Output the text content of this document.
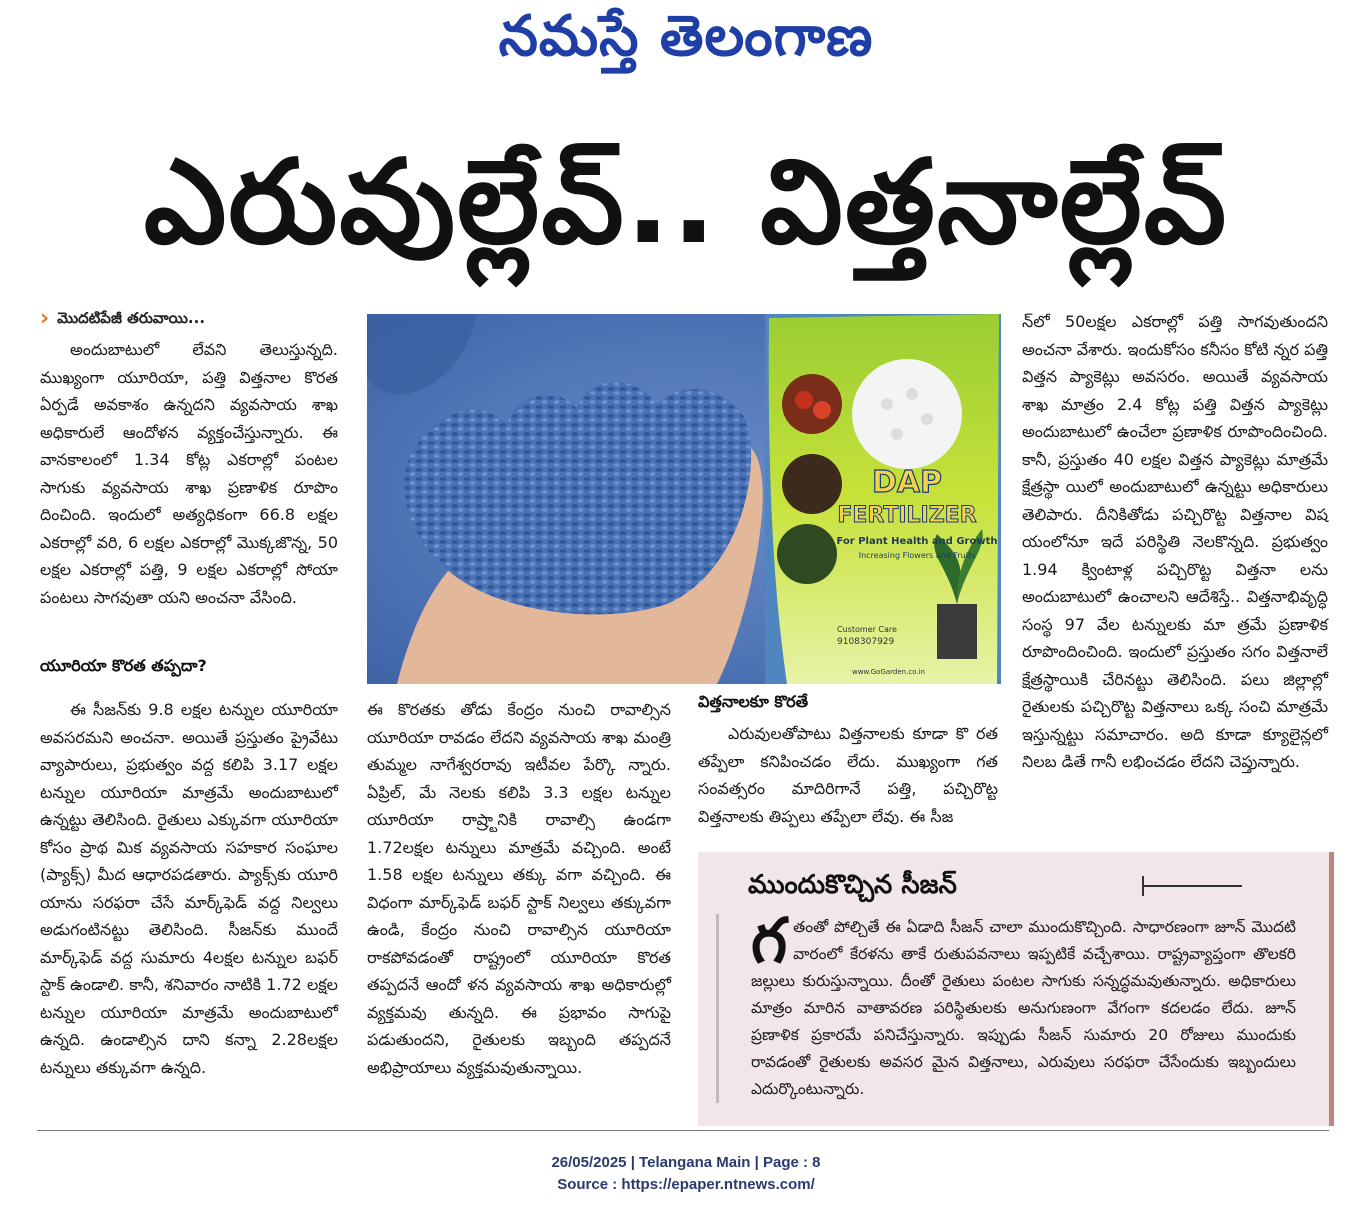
నమస్తే తెలంగాణ
ఎరువుల్లేవ్.. విత్తనాల్లేవ్
› మొదటిపేజీ తరువాయి...

అందుబాటులో లేవని తెలుస్తున్నది. ముఖ్యంగా యూరియా, పత్తి విత్తనాల కొరత ఏర్పడే అవకాశం ఉన్నదని వ్యవసాయ శాఖ అధికారులే ఆందోళన వ్యక్తంచేస్తున్నారు. ఈ వానకాలంలో 1.34 కోట్ల ఎకరాల్లో పంటల సాగుకు వ్యవసాయ శాఖ ప్రణాళిక రూపొం దించింది. ఇందులో అత్యధికంగా 66.8 లక్షల ఎకరాల్లో వరి, 6 లక్షల ఎకరాల్లో మొక్కజొన్న, 50 లక్షల ఎకరాల్లో పత్తి, 9 లక్షల ఎకరాల్లో సోయా పంటలు సాగవుతా యని అంచనా వేసింది.

యూరియా కొరత తప్పదా?

ఈ సీజన్‌కు 9.8 లక్షల టన్నుల యూరియా అవసరమని అంచనా. అయితే ప్రస్తుతం ప్రైవేటు వ్యాపారులు, ప్రభుత్వం వద్ద కలిపి 3.17 లక్షల టన్నుల యూరియా మాత్రమే అందుబాటులో ఉన్నట్టు తెలిసింది. రైతులు ఎక్కువగా యూరియా కోసం ప్రాథ మిక వ్యవసాయ సహకార సంఘాల (ప్యాక్స్‌) మీద ఆధారపడతారు. ప్యాక్స్‌కు యూరి యాను సరఫరా చేసే మార్క్‌ఫెడ్‌ వద్ద నిల్వలు అడుగంటినట్టు తెలిసింది. సీజన్‌కు ముందే మార్క్‌ఫెడ్‌ వద్ద సుమారు 4లక్షల టన్నుల బఫర్‌ స్టాక్‌ ఉండాలి. కానీ, శనివారం నాటికి 1.72 లక్షల టన్నుల యూరియా మాత్రమే అందుబాటులో ఉన్నది. ఉండాల్సిన దాని కన్నా 2.28లక్షల టన్నులు తక్కువగా ఉన్నది.

DAP
FERTILIZER
For Plant Health and Growth
Increasing Flowers and Fruits
Customer Care
9108307929
www.GoGarden.co.in

ఈ కొరతకు తోడు కేంద్రం నుంచి రావాల్సిన యూరియా రావడం లేదని వ్యవసాయ శాఖ మంత్రి తుమ్మల నాగేశ్వరరావు ఇటీవల పేర్కొ న్నారు. ఏప్రిల్‌, మే నెలకు కలిపి 3.3 లక్షల టన్నుల యూరియా రాష్ర్టానికి రావాల్సి ఉండగా 1.72లక్షల టన్నులు మాత్రమే వచ్చింది. అంటే 1.58 లక్షల టన్నులు తక్కు వగా వచ్చింది. ఈ విధంగా మార్క్‌ఫెడ్‌ బఫర్‌ స్టాక్‌ నిల్వలు తక్కువగా ఉండి, కేంద్రం నుంచి రావాల్సిన యూరియా రాకపోవడంతో రాష్ట్రంలో యూరియా కొరత తప్పదనే ఆందో ళన వ్యవసాయ శాఖ అధికారుల్లో వ్యక్తమవు తున్నది. ఈ ప్రభావం సాగుపై పడుతుందని, రైతులకు ఇబ్బంది తప్పదనే అభిప్రాయాలు వ్యక్తమవుతున్నాయి.

విత్తనాలకూ కొరతే

ఎరువులతోపాటు విత్తనాలకు కూడా కొ రత తప్పేలా కనిపించడం లేదు. ముఖ్యంగా గత సంవత్సరం మాదిరిగానే పత్తి, పచ్చిరొట్ట విత్తనాలకు తిప్పలు తప్పేలా లేవు. ఈ సీజ

న్‌లో 50లక్షల ఎకరాల్లో పత్తి సాగవుతుందని అంచనా వేశారు. ఇందుకోసం కనీసం కోటి న్నర పత్తి విత్తన ప్యాకెట్లు అవసరం. అయితే వ్యవసాయ శాఖ మాత్రం 2.4 కోట్ల పత్తి విత్తన ప్యాకెట్లు అందుబాటులో ఉంచేలా ప్రణాళిక రూపొందించింది. కానీ, ప్రస్తుతం 40 లక్షల విత్తన ప్యాకెట్లు మాత్రమే క్షేత్రస్థా యిలో అందుబాటులో ఉన్నట్టు అధికారులు తెలిపారు. దీనికితోడు పచ్చిరొట్ట విత్తనాల విష యంలోనూ ఇదే పరిస్థితి నెలకొన్నది. ప్రభుత్వం 1.94 క్వింటాళ్ల పచ్చిరొట్ట విత్తనా లను అందుబాటులో ఉంచాలని ఆదేశిస్తే.. విత్తనాభివృద్ధి సంస్థ 97 వేల టన్నులకు మా త్రమే ప్రణాళిక రూపొందించింది. ఇందులో ప్రస్తుతం సగం విత్తనాలే క్షేత్రస్థాయికి చేరినట్టు తెలిసింది. పలు జిల్లాల్లో రైతులకు పచ్చిరొట్ట విత్తనాలు ఒక్క సంచి మాత్రమే ఇస్తున్నట్టు సమాచారం. అది కూడా క్యూలైన్లలో నిలబ డితే గానీ లభించడం లేదని చెప్తున్నారు.

ముందుకొచ్చిన సీజన్‌
గతంతో పోల్చితే ఈ ఏడాది సీజన్‌ చాలా ముందుకొచ్చింది. సాధారణంగా జూన్‌ మొదటి వారంలో కేరళను తాకే రుతుపవనాలు ఇప్పటికే వచ్చేశాయి. రాష్ట్రవ్యాప్తంగా తొలకరి జల్లులు కురుస్తున్నాయి. దీంతో రైతులు పంటల సాగుకు సన్నద్ధమవుతున్నారు. అధికారులు మాత్రం మారిన వాతావరణ పరిస్థితులకు అనుగుణంగా వేగంగా కదలడం లేదు. జూన్‌ ప్రణాళిక ప్రకారమే పనిచేస్తున్నారు. ఇప్పుడు సీజన్‌ సుమారు 20 రోజులు ముందుకు రావడంతో రైతులకు అవసర మైన విత్తనాలు, ఎరువులు సరఫరా చేసేందుకు ఇబ్బందులు ఎదుర్కొంటున్నారు.
26/05/2025 | Telangana Main | Page : 8
Source : https://epaper.ntnews.com/
